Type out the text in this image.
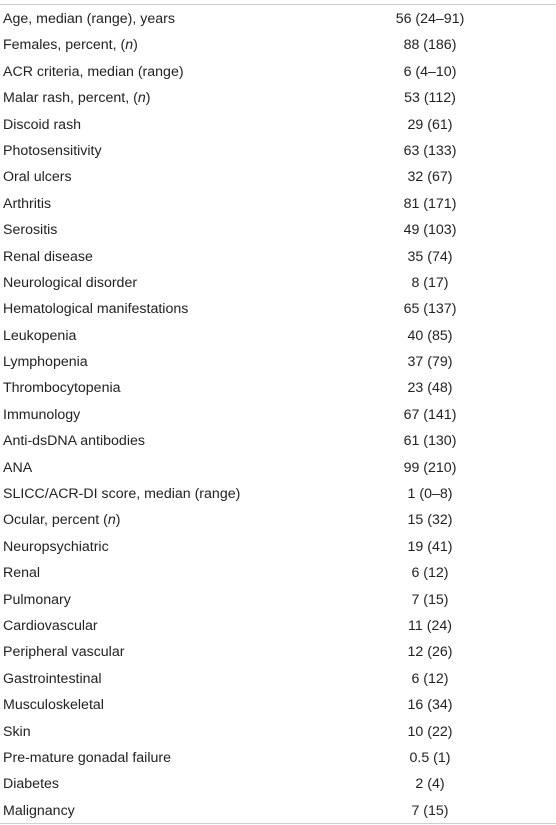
Age, median (range), years	56 (24–91)
Females, percent, (n)	88 (186)
ACR criteria, median (range)	6 (4–10)
Malar rash, percent, (n)	53 (112)
Discoid rash	29 (61)
Photosensitivity	63 (133)
Oral ulcers	32 (67)
Arthritis	81 (171)
Serositis	49 (103)
Renal disease	35 (74)
Neurological disorder	8 (17)
Hematological manifestations	65 (137)
Leukopenia	40 (85)
Lymphopenia	37 (79)
Thrombocytopenia	23 (48)
Immunology	67 (141)
Anti-dsDNA antibodies	61 (130)
ANA	99 (210)
SLICC/ACR-DI score, median (range)	1 (0–8)
Ocular, percent (n)	15 (32)
Neuropsychiatric	19 (41)
Renal	6 (12)
Pulmonary	7 (15)
Cardiovascular	11 (24)
Peripheral vascular	12 (26)
Gastrointestinal	6 (12)
Musculoskeletal	16 (34)
Skin	10 (22)
Pre-mature gonadal failure	0.5 (1)
Diabetes	2 (4)
Malignancy	7 (15)
